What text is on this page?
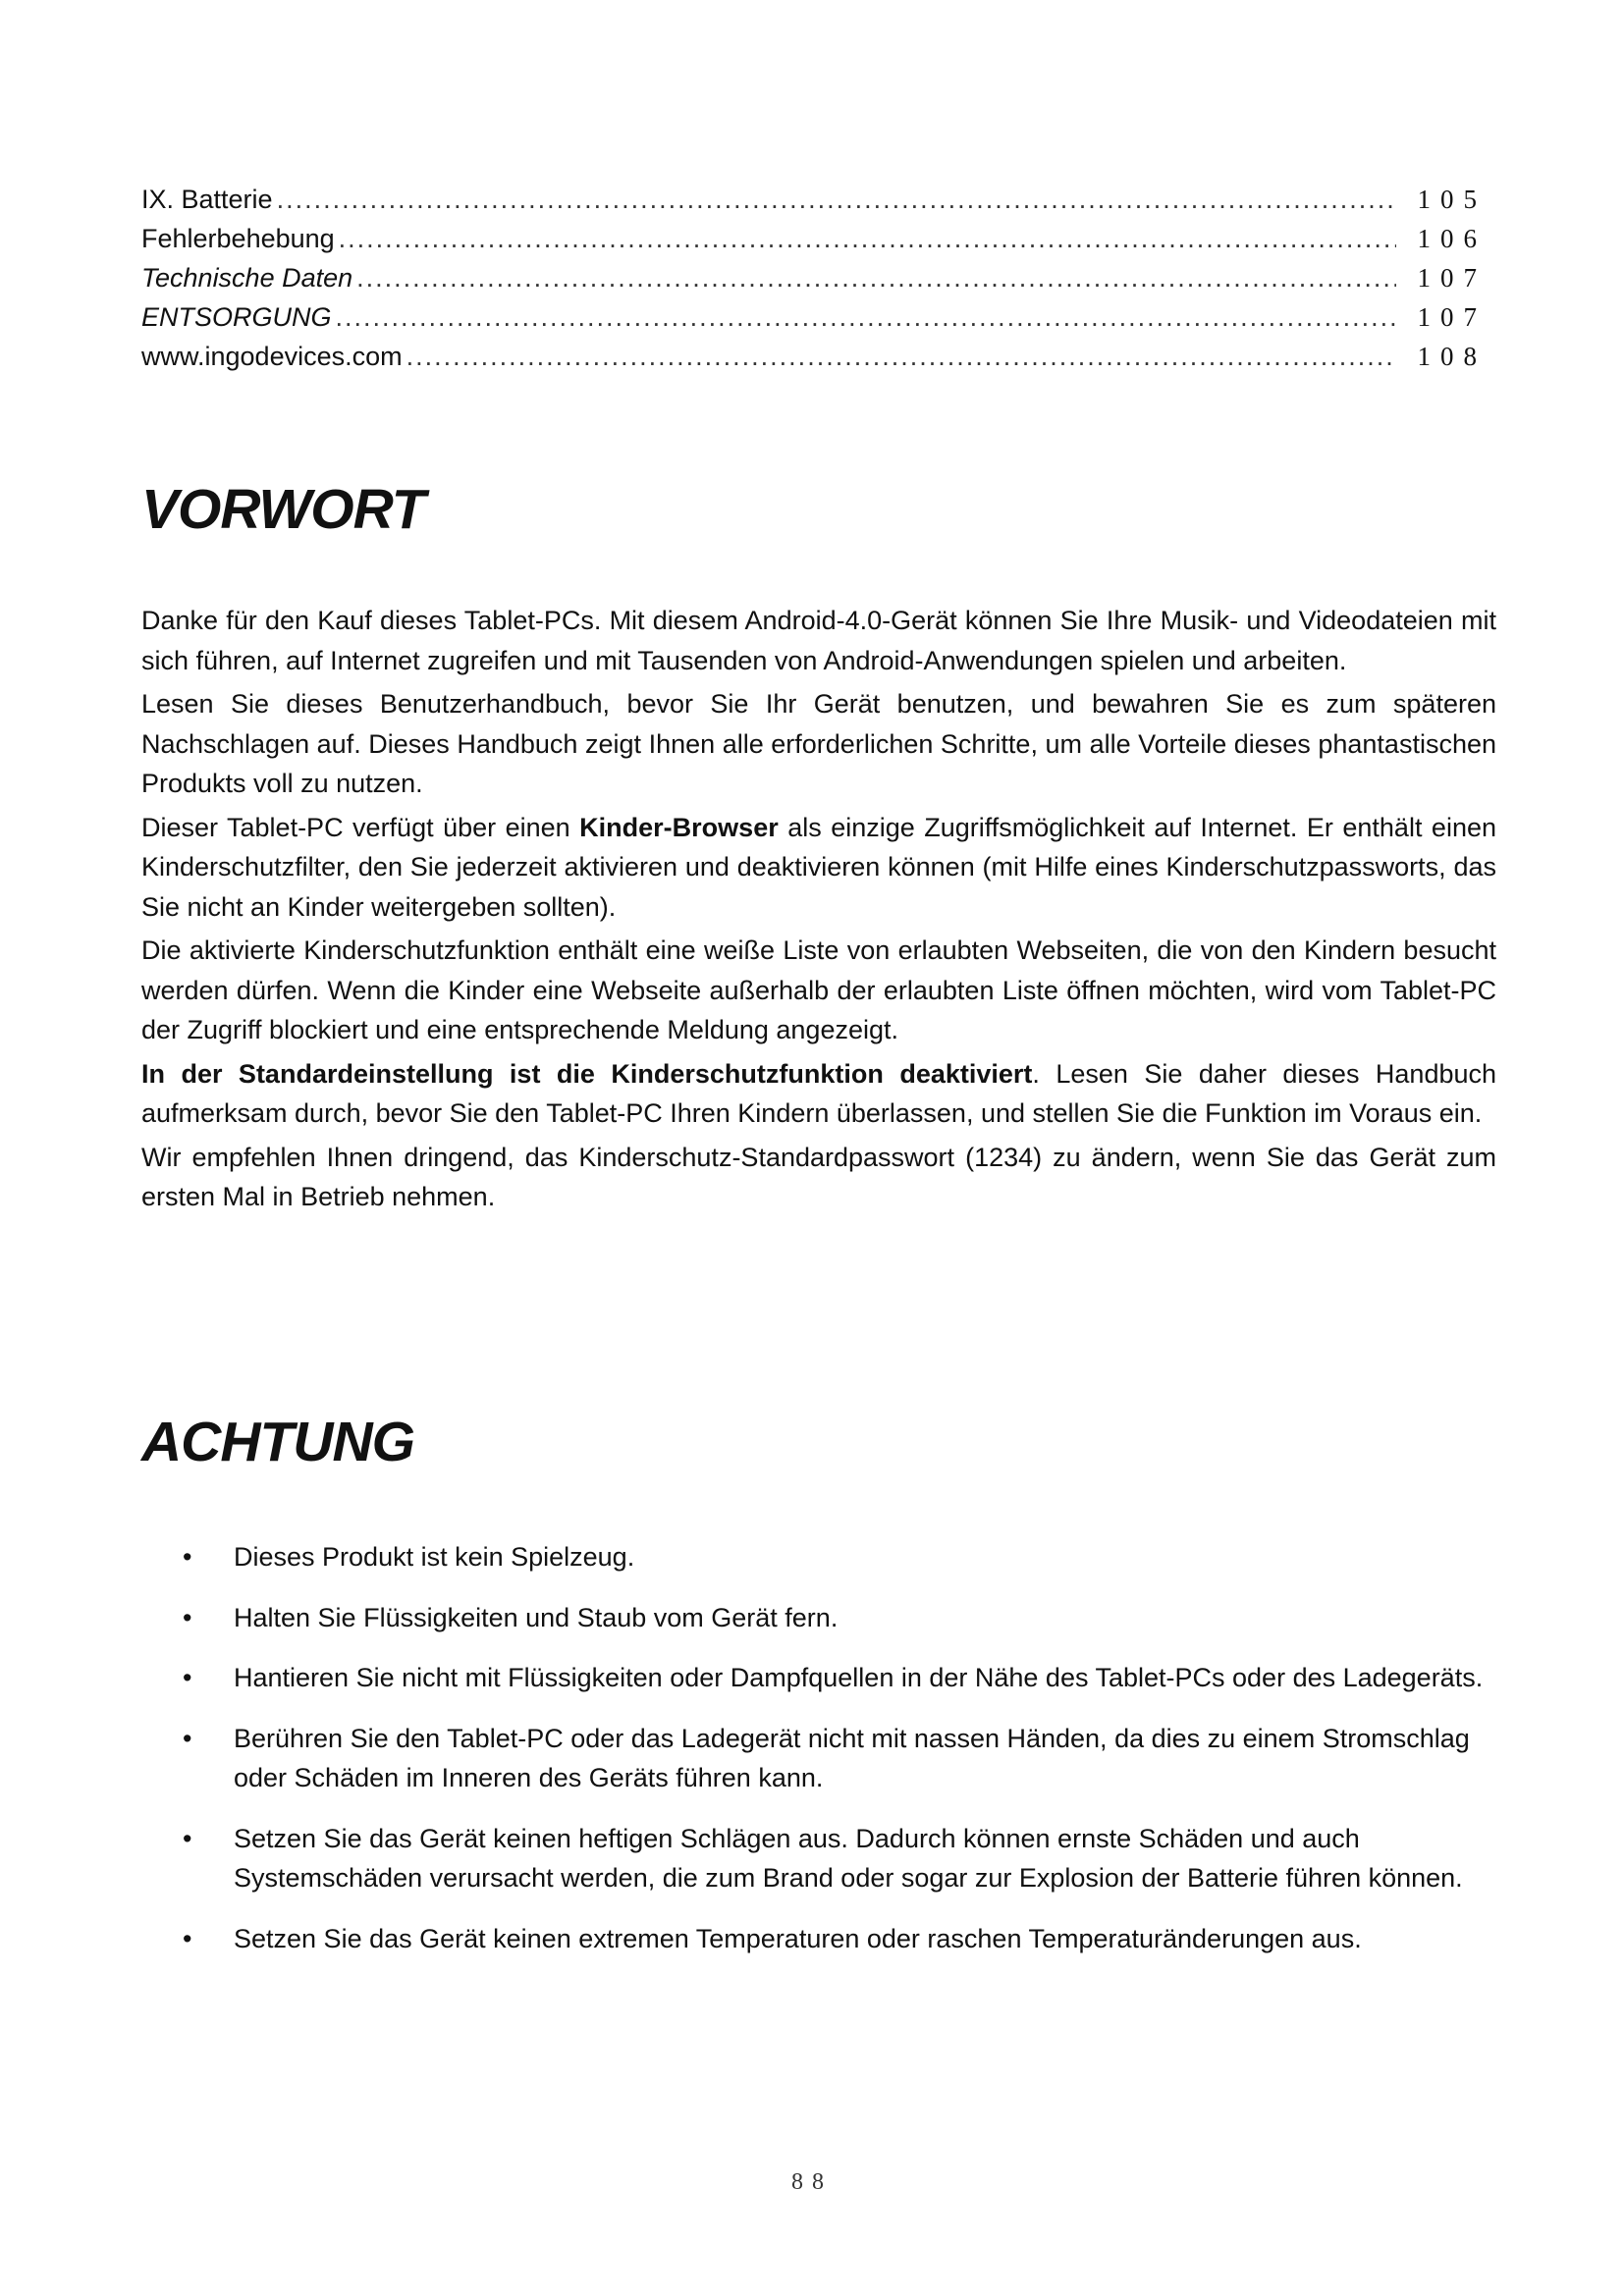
IX. Batterie .....	105
Fehlerbehebung .....	106
Technische Daten .....	107
ENTSORGUNG .....	107
www.ingodevices.com .....	108
VORWORT

Danke für den Kauf dieses Tablet-PCs. Mit diesem Android-4.0-Gerät können Sie Ihre Musik- und Videodateien mit sich führen, auf Internet zugreifen und mit Tausenden von Android-Anwendungen spielen und arbeiten.

Lesen Sie dieses Benutzerhandbuch, bevor Sie Ihr Gerät benutzen, und bewahren Sie es zum späteren Nachschlagen auf. Dieses Handbuch zeigt Ihnen alle erforderlichen Schritte, um alle Vorteile dieses phantastischen Produkts voll zu nutzen.

Dieser Tablet-PC verfügt über einen Kinder-Browser als einzige Zugriffsmöglichkeit auf Internet. Er enthält einen Kinderschutzfilter, den Sie jederzeit aktivieren und deaktivieren können (mit Hilfe eines Kinderschutzpassworts, das Sie nicht an Kinder weitergeben sollten).

Die aktivierte Kinderschutzfunktion enthält eine weiße Liste von erlaubten Webseiten, die von den Kindern besucht werden dürfen. Wenn die Kinder eine Webseite außerhalb der erlaubten Liste öffnen möchten, wird vom Tablet-PC der Zugriff blockiert und eine entsprechende Meldung angezeigt.

In der Standardeinstellung ist die Kinderschutzfunktion deaktiviert. Lesen Sie daher dieses Handbuch aufmerksam durch, bevor Sie den Tablet-PC Ihren Kindern überlassen, und stellen Sie die Funktion im Voraus ein.

Wir empfehlen Ihnen dringend, das Kinderschutz-Standardpasswort (1234) zu ändern, wenn Sie das Gerät zum ersten Mal in Betrieb nehmen.

ACHTUNG
• Dieses Produkt ist kein Spielzeug.
• Halten Sie Flüssigkeiten und Staub vom Gerät fern.
• Hantieren Sie nicht mit Flüssigkeiten oder Dampfquellen in der Nähe des Tablet-PCs oder des Ladegeräts.
• Berühren Sie den Tablet-PC oder das Ladegerät nicht mit nassen Händen, da dies zu einem Stromschlag oder Schäden im Inneren des Geräts führen kann.
• Setzen Sie das Gerät keinen heftigen Schlägen aus. Dadurch können ernste Schäden und auch Systemschäden verursacht werden, die zum Brand oder sogar zur Explosion der Batterie führen können.
• Setzen Sie das Gerät keinen extremen Temperaturen oder raschen Temperaturänderungen aus.
88
